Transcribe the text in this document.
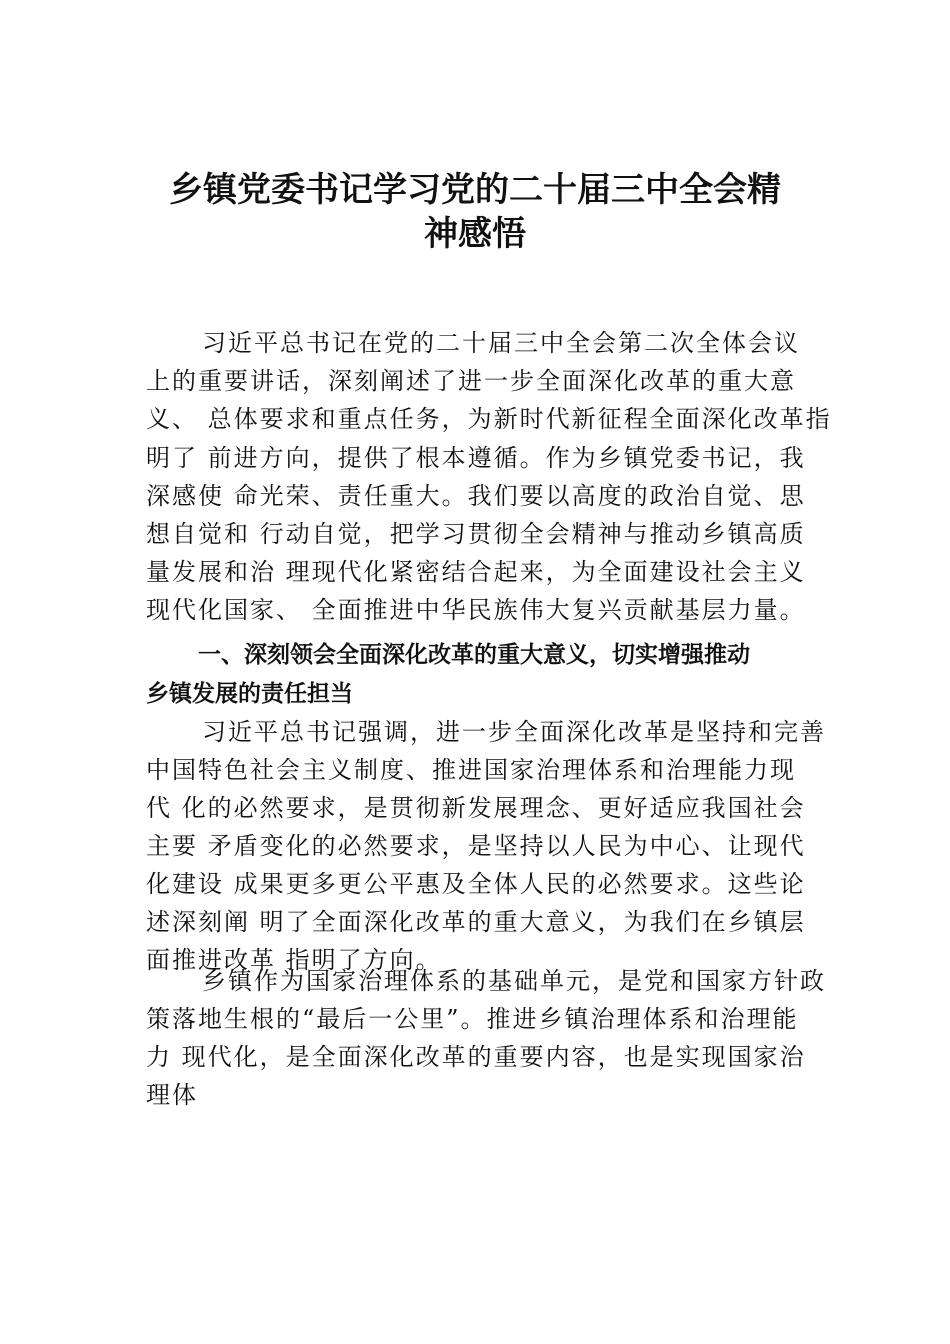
乡镇党委书记学习党的二十届三中全会精
神感悟

习近平总书记在党的二十届三中全会第二次全体会议
上的重要讲话，深刻阐述了进一步全面深化改革的重大意
义、 总体要求和重点任务，为新时代新征程全面深化改革指
明了 前进方向，提供了根本遵循。作为乡镇党委书记，我
深感使 命光荣、责任重大。我们要以高度的政治自觉、思
想自觉和 行动自觉，把学习贯彻全会精神与推动乡镇高质
量发展和治 理现代化紧密结合起来，为全面建设社会主义
现代化国家、 全面推进中华民族伟大复兴贡献基层力量。

一、深刻领会全面深化改革的重大意义，切实增强推动
乡镇发展的责任担当

习近平总书记强调，进一步全面深化改革是坚持和完善
中国特色社会主义制度、推进国家治理体系和治理能力现
代 化的必然要求，是贯彻新发展理念、更好适应我国社会
主要 矛盾变化的必然要求，是坚持以人民为中心、让现代
化建设 成果更多更公平惠及全体人民的必然要求。这些论
述深刻阐 明了全面深化改革的重大意义，为我们在乡镇层
面推进改革 指明了方向。

乡镇作为国家治理体系的基础单元，是党和国家方针政
策落地生根的“最后一公里”。推进乡镇治理体系和治理能
力 现代化，是全面深化改革的重要内容，也是实现国家治
理体
